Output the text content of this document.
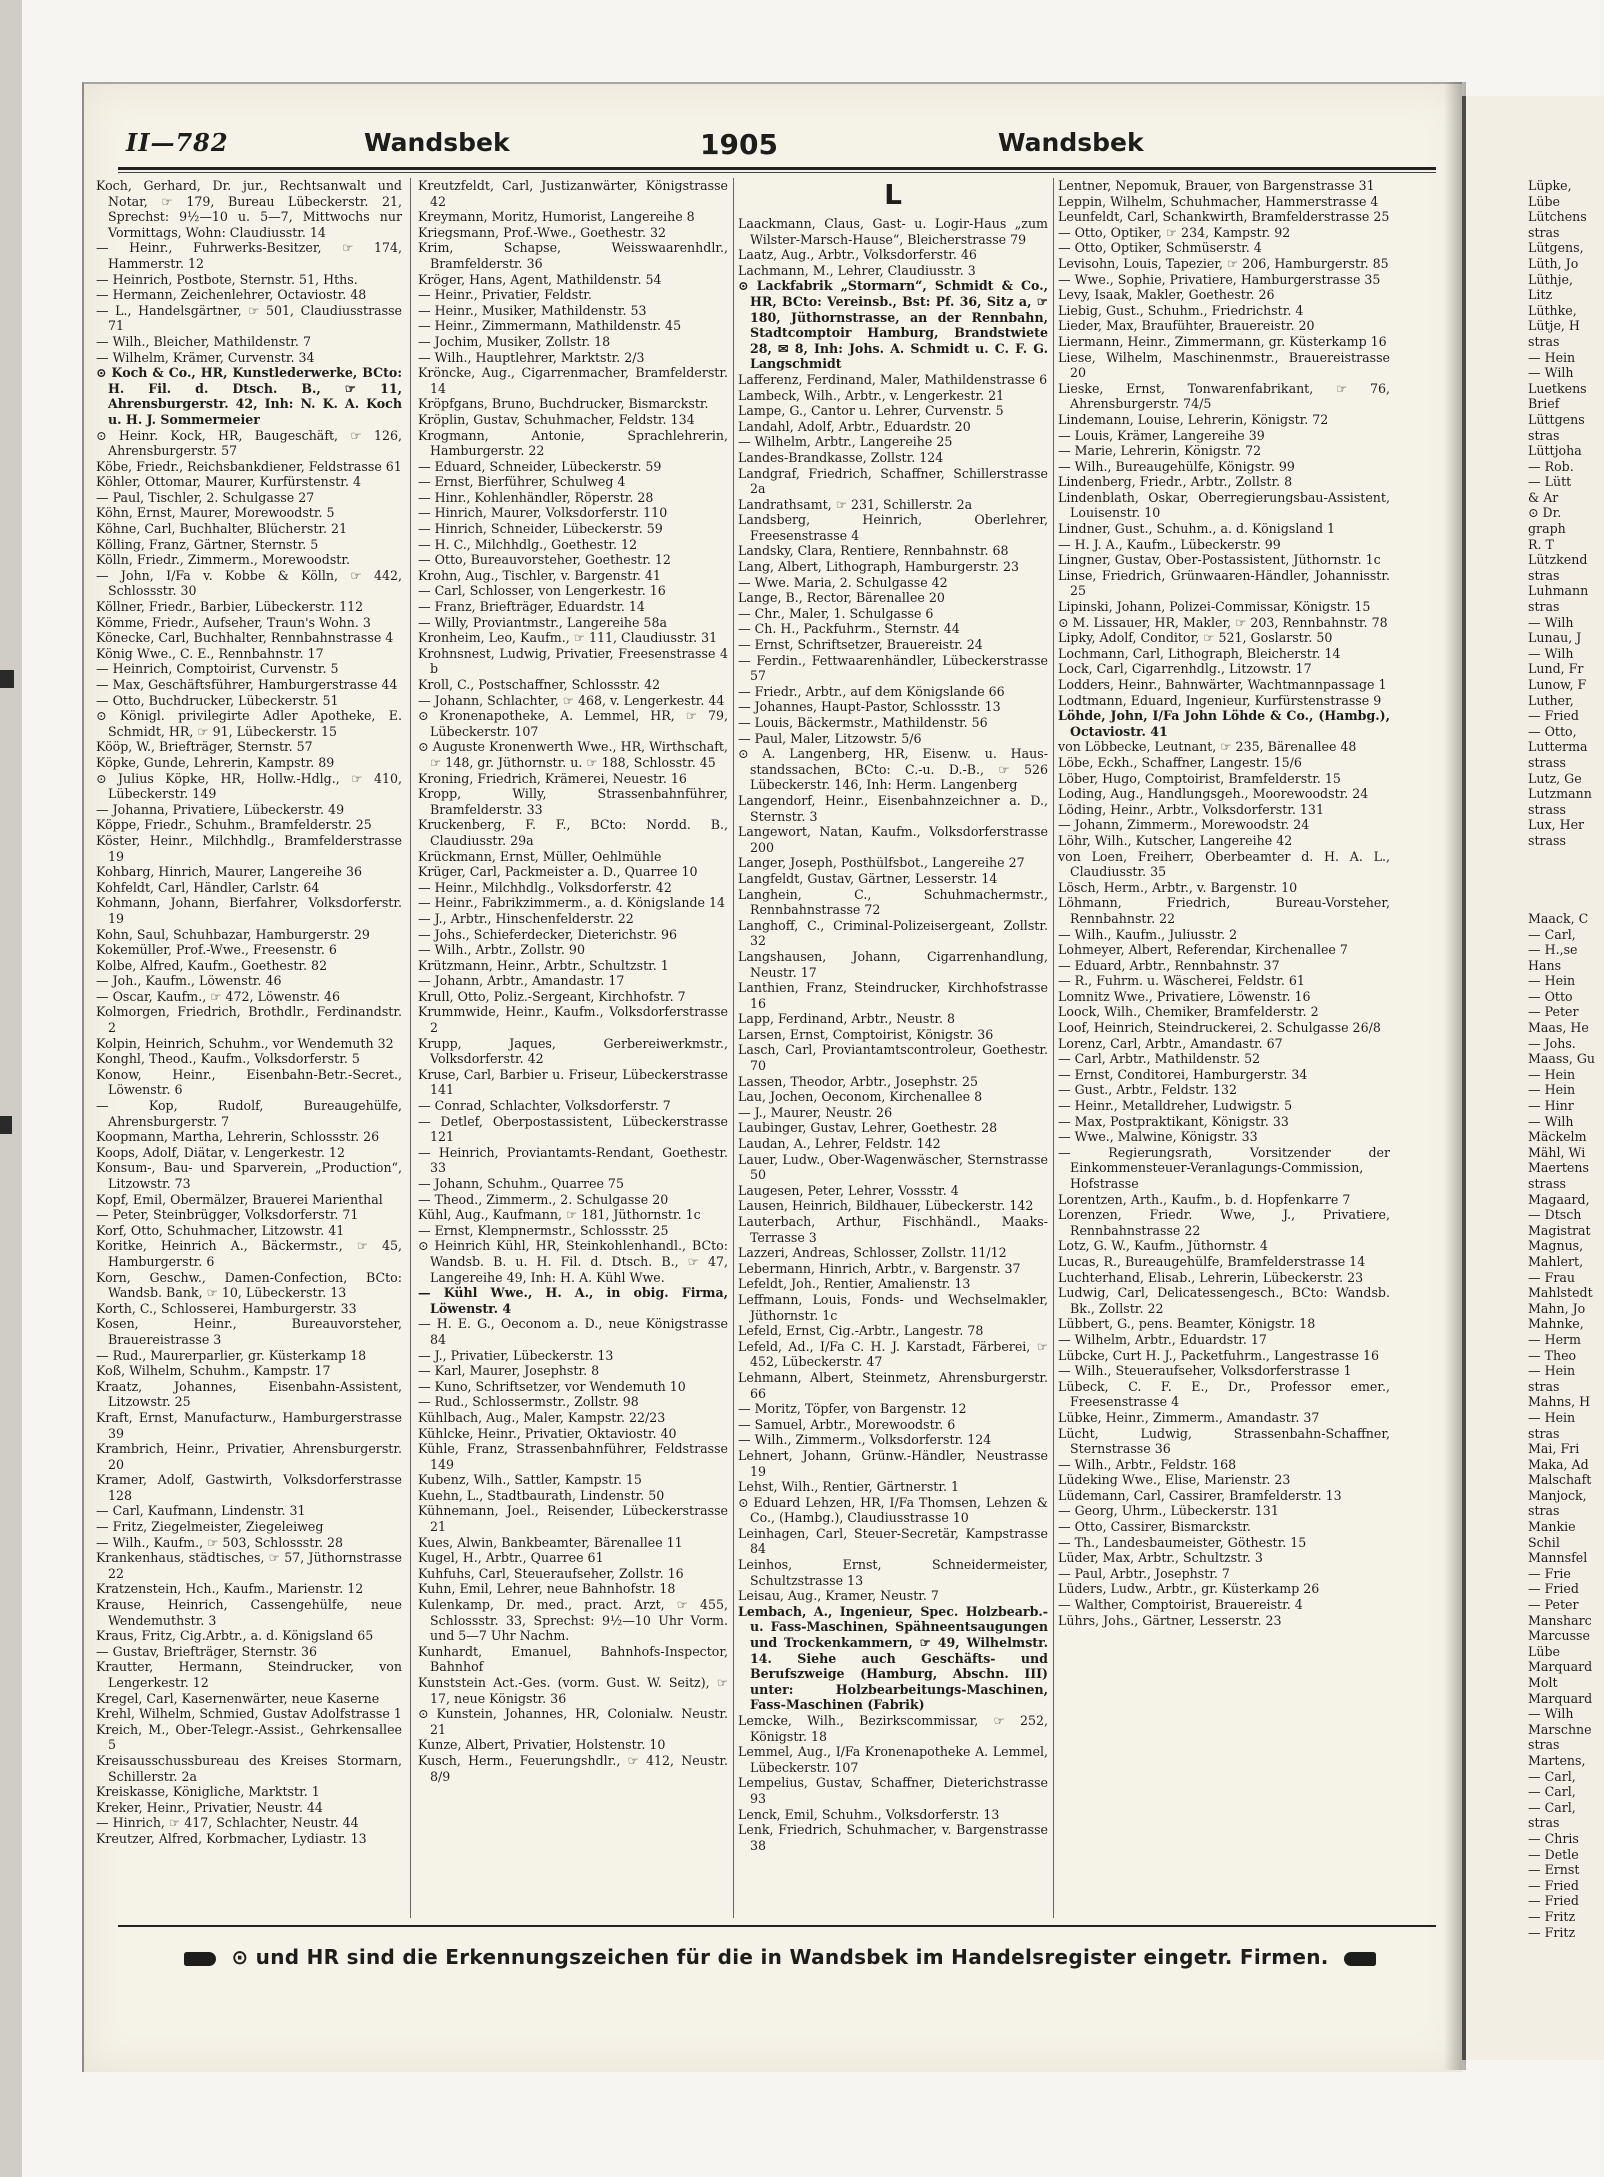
II—782	Wandsbek	1905	Wandsbek

Koch, Gerhard, Dr. jur., Rechtsanwalt und Notar, ☞ 179, Bureau Lübeckerstr. 21, Sprechst: 9½—10 u. 5—7, Mittwochs nur Vormittags, Wohn: Claudiusstr. 14

— Heinr., Fuhrwerks-Besitzer, ☞ 174, Hammerstr. 12

— Heinrich, Postbote, Sternstr. 51, Hths.

— Hermann, Zeichenlehrer, Octaviostr. 48

— L., Handelsgärtner, ☞ 501, Claudiusstrasse 71

— Wilh., Bleicher, Mathildenstr. 7

— Wilhelm, Krämer, Curvenstr. 34

⊙ Koch & Co., HR, Kunstlederwerke, BCto: H. Fil. d. Dtsch. B., ☞ 11, Ahrensburgerstr. 42, Inh: N. K. A. Koch u. H. J. Sommermeier

⊙ Heinr. Kock, HR, Baugeschäft, ☞ 126, Ahrensburgerstr. 57

Köbe, Friedr., Reichsbankdiener, Feldstrasse 61

Köhler, Ottomar, Maurer, Kurfürstenstr. 4

— Paul, Tischler, 2. Schulgasse 27

Köhn, Ernst, Maurer, Morewoodstr. 5

Köhne, Carl, Buchhalter, Blücherstr. 21

Kölling, Franz, Gärtner, Sternstr. 5

Kölln, Friedr., Zimmerm., Morewoodstr.

— John, I/Fa v. Kobbe & Kölln, ☞ 442, Schlossstr. 30

Köllner, Friedr., Barbier, Lübeckerstr. 112

Kömme, Friedr., Aufseher, Traun's Wohn. 3

Könecke, Carl, Buchhalter, Rennbahnstrasse 4

König Wwe., C. E., Rennbahnstr. 17

— Heinrich, Comptoirist, Curvenstr. 5

— Max, Geschäftsführer, Hamburgerstrasse 44

— Otto, Buchdrucker, Lübeckerstr. 51

⊙ Königl. privilegirte Adler Apotheke, E. Schmidt, HR, ☞ 91, Lübeckerstr. 15

Kööp, W., Briefträger, Sternstr. 57

Köpke, Gunde, Lehrerin, Kampstr. 89

⊙ Julius Köpke, HR, Hollw.-Hdlg., ☞ 410, Lübeckerstr. 149

— Johanna, Privatiere, Lübeckerstr. 49

Köppe, Friedr., Schuhm., Bramfelderstr. 25

Köster, Heinr., Milchhdlg., Bramfelderstrasse 19

Kohbarg, Hinrich, Maurer, Langereihe 36

Kohfeldt, Carl, Händler, Carlstr. 64

Kohmann, Johann, Bierfahrer, Volksdorferstr. 19

Kohn, Saul, Schuhbazar, Hamburgerstr. 29

Kokemüller, Prof.-Wwe., Freesenstr. 6

Kolbe, Alfred, Kaufm., Goethestr. 82

— Joh., Kaufm., Löwenstr. 46

— Oscar, Kaufm., ☞ 472, Löwenstr. 46

Kolmorgen, Friedrich, Brothdlr., Ferdinandstr. 2

Kolpin, Heinrich, Schuhm., vor Wendemuth 32

Konghl, Theod., Kaufm., Volksdorferstr. 5

Konow, Heinr., Eisenbahn-Betr.-Secret., Löwenstr. 6

— Kop, Rudolf, Bureaugehülfe, Ahrensburgerstr. 7

Koopmann, Martha, Lehrerin, Schlossstr. 26

Koops, Adolf, Diätar, v. Lengerkestr. 12

Konsum-, Bau- und Sparverein, „Production“, Litzowstr. 73

Kopf, Emil, Obermälzer, Brauerei Marienthal

— Peter, Steinbrügger, Volksdorferstr. 71

Korf, Otto, Schuhmacher, Litzowstr. 41

Koritke, Heinrich A., Bäckermstr., ☞ 45, Hamburgerstr. 6

Korn, Geschw., Damen-Confection, BCto: Wandsb. Bank, ☞ 10, Lübeckerstr. 13

Korth, C., Schlosserei, Hamburgerstr. 33

Kosen, Heinr., Bureauvorsteher, Brauereistrasse 3

— Rud., Maurerparlier, gr. Küsterkamp 18

Koß, Wilhelm, Schuhm., Kampstr. 17

Kraatz, Johannes, Eisenbahn-Assistent, Litzowstr. 25

Kraft, Ernst, Manufacturw., Hamburgerstrasse 39

Krambrich, Heinr., Privatier, Ahrensburgerstr. 20

Kramer, Adolf, Gastwirth, Volksdorferstrasse 128

— Carl, Kaufmann, Lindenstr. 31

— Fritz, Ziegelmeister, Ziegeleiweg

— Wilh., Kaufm., ☞ 503, Schlossstr. 28

Krankenhaus, städtisches, ☞ 57, Jüthornstrasse 22

Kratzenstein, Hch., Kaufm., Marienstr. 12

Krause, Heinrich, Cassengehülfe, neue Wendemuthstr. 3

Kraus, Fritz, Cig.Arbtr., a. d. Königsland 65

— Gustav, Briefträger, Sternstr. 36

Krautter, Hermann, Steindrucker, von Lengerkestr. 12

Kregel, Carl, Kasernenwärter, neue Kaserne

Krehl, Wilhelm, Schmied, Gustav Adolfstrasse 1

Kreich, M., Ober-Telegr.-Assist., Gehrkensallee 5

Kreisausschussbureau des Kreises Stormarn, Schillerstr. 2a

Kreiskasse, Königliche, Marktstr. 1

Kreker, Heinr., Privatier, Neustr. 44

— Hinrich, ☞ 417, Schlachter, Neustr. 44

Kreutzer, Alfred, Korbmacher, Lydiastr. 13

Kreutzfeldt, Carl, Justizanwärter, Königstrasse 42

Kreymann, Moritz, Humorist, Langereihe 8

Kriegsmann, Prof.-Wwe., Goethestr. 32

Krim, Schapse, Weisswaarenhdlr., Bramfelderstr. 36

Kröger, Hans, Agent, Mathildenstr. 54

— Heinr., Privatier, Feldstr.

— Heinr., Musiker, Mathildenstr. 53

— Heinr., Zimmermann, Mathildenstr. 45

— Jochim, Musiker, Zollstr. 18

— Wilh., Hauptlehrer, Marktstr. 2/3

Kröncke, Aug., Cigarrenmacher, Bramfelderstr. 14

Kröpfgans, Bruno, Buchdrucker, Bismarckstr.

Kröplin, Gustav, Schuhmacher, Feldstr. 134

Krogmann, Antonie, Sprachlehrerin, Hamburgerstr. 22

— Eduard, Schneider, Lübeckerstr. 59

— Ernst, Bierführer, Schulweg 4

— Hinr., Kohlenhändler, Röperstr. 28

— Hinrich, Maurer, Volksdorferstr. 110

— Hinrich, Schneider, Lübeckerstr. 59

— H. C., Milchhdlg., Goethestr. 12

— Otto, Bureauvorsteher, Goethestr. 12

Krohn, Aug., Tischler, v. Bargenstr. 41

— Carl, Schlosser, von Lengerkestr. 16

— Franz, Briefträger, Eduardstr. 14

— Willy, Proviantmstr., Langereihe 58a

Kronheim, Leo, Kaufm., ☞ 111, Claudiusstr. 31

Krohnsnest, Ludwig, Privatier, Freesenstrasse 4 b

Kroll, C., Postschaffner, Schlossstr. 42

— Johann, Schlachter, ☞ 468, v. Lengerkestr. 44

⊙ Kronenapotheke, A. Lemmel, HR, ☞ 79, Lübeckerstr. 107

⊙ Auguste Kronenwerth Wwe., HR, Wirthschaft, ☞ 148, gr. Jüthornstr. u. ☞ 188, Schlosstr. 45

Kroning, Friedrich, Krämerei, Neuestr. 16

Kropp, Willy, Strassenbahnführer, Bramfelderstr. 33

Kruckenberg, F. F., BCto: Nordd. B., Claudiusstr. 29a

Krückmann, Ernst, Müller, Oehlmühle

Krüger, Carl, Packmeister a. D., Quarree 10

— Heinr., Milchhdlg., Volksdorferstr. 42

— Heinr., Fabrikzimmerm., a. d. Königslande 14

— J., Arbtr., Hinschenfelderstr. 22

— Johs., Schieferdecker, Dieterichstr. 96

— Wilh., Arbtr., Zollstr. 90

Krützmann, Heinr., Arbtr., Schultzstr. 1

— Johann, Arbtr., Amandastr. 17

Krull, Otto, Poliz.-Sergeant, Kirchhofstr. 7

Krummwide, Heinr., Kaufm., Volksdorferstrasse 2

Krupp, Jaques, Gerbereiwerkmstr., Volksdorferstr. 42

Kruse, Carl, Barbier u. Friseur, Lübeckerstrasse 141

— Conrad, Schlachter, Volksdorferstr. 7

— Detlef, Oberpostassistent, Lübeckerstrasse 121

— Heinrich, Proviantamts-Rendant, Goethestr. 33

— Johann, Schuhm., Quarree 75

— Theod., Zimmerm., 2. Schulgasse 20

Kühl, Aug., Kaufmann, ☞ 181, Jüthornstr. 1c

— Ernst, Klempnermstr., Schlossstr. 25

⊙ Heinrich Kühl, HR, Steinkohlenhandl., BCto: Wandsb. B. u. H. Fil. d. Dtsch. B., ☞ 47, Langereihe 49, Inh: H. A. Kühl Wwe.

— Kühl Wwe., H. A., in obig. Firma, Löwenstr. 4

— H. E. G., Oeconom a. D., neue Königstrasse 84

— J., Privatier, Lübeckerstr. 13

— Karl, Maurer, Josephstr. 8

— Kuno, Schriftsetzer, vor Wendemuth 10

— Rud., Schlossermstr., Zollstr. 98

Kühlbach, Aug., Maler, Kampstr. 22/23

Kühlcke, Heinr., Privatier, Oktaviostr. 40

Kühle, Franz, Strassenbahnführer, Feldstrasse 149

Kubenz, Wilh., Sattler, Kampstr. 15

Kuehn, L., Stadtbaurath, Lindenstr. 50

Kühnemann, Joel., Reisender, Lübeckerstrasse 21

Kues, Alwin, Bankbeamter, Bärenallee 11

Kugel, H., Arbtr., Quarree 61

Kuhfuhs, Carl, Steueraufseher, Zollstr. 16

Kuhn, Emil, Lehrer, neue Bahnhofstr. 18

Kulenkamp, Dr. med., pract. Arzt, ☞ 455, Schlossstr. 33, Sprechst: 9½—10 Uhr Vorm. und 5—7 Uhr Nachm.

Kunhardt, Emanuel, Bahnhofs-Inspector, Bahnhof

Kunststein Act.-Ges. (vorm. Gust. W. Seitz), ☞ 17, neue Königstr. 36

⊙ Kunstein, Johannes, HR, Colonialw. Neustr. 21

Kunze, Albert, Privatier, Holstenstr. 10

Kusch, Herm., Feuerungshdlr., ☞ 412, Neustr. 8/9

L

Laackmann, Claus, Gast- u. Logir-Haus „zum Wilster-Marsch-Hause“, Bleicherstrasse 79

Laatz, Aug., Arbtr., Volksdorferstr. 46

Lachmann, M., Lehrer, Claudiusstr. 3

⊙ Lackfabrik „Stormarn“, Schmidt & Co., HR, BCto: Vereinsb., Bst: Pf. 36, Sitz a, ☞ 180, Jüthornstrasse, an der Rennbahn, Stadtcomptoir Hamburg, Brandstwiete 28, ✉ 8, Inh: Johs. A. Schmidt u. C. F. G. Langschmidt

Lafferenz, Ferdinand, Maler, Mathildenstrasse 6

Lambeck, Wilh., Arbtr., v. Lengerkestr. 21

Lampe, G., Cantor u. Lehrer, Curvenstr. 5

Landahl, Adolf, Arbtr., Eduardstr. 20

— Wilhelm, Arbtr., Langereihe 25

Landes-Brandkasse, Zollstr. 124

Landgraf, Friedrich, Schaffner, Schillerstrasse 2a

Landrathsamt, ☞ 231, Schillerstr. 2a

Landsberg, Heinrich, Oberlehrer, Freesenstrasse 4

Landsky, Clara, Rentiere, Rennbahnstr. 68

Lang, Albert, Lithograph, Hamburgerstr. 23

— Wwe. Maria, 2. Schulgasse 42

Lange, B., Rector, Bärenallee 20

— Chr., Maler, 1. Schulgasse 6

— Ch. H., Packfuhrm., Sternstr. 44

— Ernst, Schriftsetzer, Brauereistr. 24

— Ferdin., Fettwaarenhändler, Lübeckerstrasse 57

— Friedr., Arbtr., auf dem Königslande 66

— Johannes, Haupt-Pastor, Schlossstr. 13

— Louis, Bäckermstr., Mathildenstr. 56

— Paul, Maler, Litzowstr. 5/6

⊙ A. Langenberg, HR, Eisenw. u. Haus-standssachen, BCto: C.-u. D.-B., ☞ 526 Lübeckerstr. 146, Inh: Herm. Langenberg

Langendorf, Heinr., Eisenbahnzeichner a. D., Sternstr. 3

Langewort, Natan, Kaufm., Volksdorferstrasse 200

Langer, Joseph, Posthülfsbot., Langereihe 27

Langfeldt, Gustav, Gärtner, Lesserstr. 14

Langhein, C., Schuhmachermstr., Rennbahnstrasse 72

Langhoff, C., Criminal-Polizeisergeant, Zollstr. 32

Langshausen, Johann, Cigarrenhandlung, Neustr. 17

Lanthien, Franz, Steindrucker, Kirchhofstrasse 16

Lapp, Ferdinand, Arbtr., Neustr. 8

Larsen, Ernst, Comptoirist, Königstr. 36

Lasch, Carl, Proviantamtscontroleur, Goethestr. 70

Lassen, Theodor, Arbtr., Josephstr. 25

Lau, Jochen, Oeconom, Kirchenallee 8

— J., Maurer, Neustr. 26

Laubinger, Gustav, Lehrer, Goethestr. 28

Laudan, A., Lehrer, Feldstr. 142

Lauer, Ludw., Ober-Wagenwäscher, Sternstrasse 50

Laugesen, Peter, Lehrer, Vossstr. 4

Lausen, Heinrich, Bildhauer, Lübeckerstr. 142

Lauterbach, Arthur, Fischhändl., Maaks-Terrasse 3

Lazzeri, Andreas, Schlosser, Zollstr. 11/12

Lebermann, Hinrich, Arbtr., v. Bargenstr. 37

Lefeldt, Joh., Rentier, Amalienstr. 13

Leffmann, Louis, Fonds- und Wechselmakler, Jüthornstr. 1c

Lefeld, Ernst, Cig.-Arbtr., Langestr. 78

Lefeld, Ad., I/Fa C. H. J. Karstadt, Färberei, ☞ 452, Lübeckerstr. 47

Lehmann, Albert, Steinmetz, Ahrensburgerstr. 66

— Moritz, Töpfer, von Bargenstr. 12

— Samuel, Arbtr., Morewoodstr. 6

— Wilh., Zimmerm., Volksdorferstr. 124

Lehnert, Johann, Grünw.-Händler, Neustrasse 19

Lehst, Wilh., Rentier, Gärtnerstr. 1

⊙ Eduard Lehzen, HR, I/Fa Thomsen, Lehzen & Co., (Hambg.), Claudiusstrasse 10

Leinhagen, Carl, Steuer-Secretär, Kampstrasse 84

Leinhos, Ernst, Schneidermeister, Schultzstrasse 13

Leisau, Aug., Kramer, Neustr. 7

Lembach, A., Ingenieur, Spec. Holzbearb.- u. Fass-Maschinen, Spähneentsaugungen und Trockenkammern, ☞ 49, Wilhelmstr. 14. Siehe auch Geschäfts- und Berufszweige (Hamburg, Abschn. III) unter: Holzbearbeitungs-Maschinen, Fass-Maschinen (Fabrik)

Lemcke, Wilh., Bezirkscommissar, ☞ 252, Königstr. 18

Lemmel, Aug., I/Fa Kronenapotheke A. Lemmel, Lübeckerstr. 107

Lempelius, Gustav, Schaffner, Dieterichstrasse 93

Lenck, Emil, Schuhm., Volksdorferstr. 13

Lenk, Friedrich, Schuhmacher, v. Bargenstrasse 38

Lentner, Nepomuk, Brauer, von Bargenstrasse 31

Leppin, Wilhelm, Schuhmacher, Hammerstrasse 4

Leunfeldt, Carl, Schankwirth, Bramfelderstrasse 25

— Otto, Optiker, ☞ 234, Kampstr. 92

— Otto, Optiker, Schmüserstr. 4

Levisohn, Louis, Tapezier, ☞ 206, Hamburgerstr. 85

— Wwe., Sophie, Privatiere, Hamburgerstrasse 35

Levy, Isaak, Makler, Goethestr. 26

Liebig, Gust., Schuhm., Friedrichstr. 4

Lieder, Max, Braufühter, Brauereistr. 20

Liermann, Heinr., Zimmermann, gr. Küsterkamp 16

Liese, Wilhelm, Maschinenmstr., Brauereistrasse 20

Lieske, Ernst, Tonwarenfabrikant, ☞ 76, Ahrensburgerstr. 74/5

Lindemann, Louise, Lehrerin, Königstr. 72

— Louis, Krämer, Langereihe 39

— Marie, Lehrerin, Königstr. 72

— Wilh., Bureaugehülfe, Königstr. 99

Lindenberg, Friedr., Arbtr., Zollstr. 8

Lindenblath, Oskar, Oberregierungsbau-Assistent, Louisenstr. 10

Lindner, Gust., Schuhm., a. d. Königsland 1

— H. J. A., Kaufm., Lübeckerstr. 99

Lingner, Gustav, Ober-Postassistent, Jüthornstr. 1c

Linse, Friedrich, Grünwaaren-Händler, Johannisstr. 25

Lipinski, Johann, Polizei-Commissar, Königstr. 15

⊙ M. Lissauer, HR, Makler, ☞ 203, Rennbahnstr. 78

Lipky, Adolf, Conditor, ☞ 521, Goslarstr. 50

Lochmann, Carl, Lithograph, Bleicherstr. 14

Lock, Carl, Cigarrenhdlg., Litzowstr. 17

Lodders, Heinr., Bahnwärter, Wachtmannpassage 1

Lodtmann, Eduard, Ingenieur, Kurfürstenstrasse 9

Löhde, John, I/Fa John Löhde & Co., (Hambg.), Octaviostr. 41

von Löbbecke, Leutnant, ☞ 235, Bärenallee 48

Löbe, Eckh., Schaffner, Langestr. 15/6

Löber, Hugo, Comptoirist, Bramfelderstr. 15

Loding, Aug., Handlungsgeh., Moorewoodstr. 24

Löding, Heinr., Arbtr., Volksdorferstr. 131

— Johann, Zimmerm., Morewoodstr. 24

Löhr, Wilh., Kutscher, Langereihe 42

von Loen, Freiherr, Oberbeamter d. H. A. L., Claudiusstr. 35

Lösch, Herm., Arbtr., v. Bargenstr. 10

Löhmann, Friedrich, Bureau-Vorsteher, Rennbahnstr. 22

— Wilh., Kaufm., Juliusstr. 2

Lohmeyer, Albert, Referendar, Kirchenallee 7

— Eduard, Arbtr., Rennbahnstr. 37

— R., Fuhrm. u. Wäscherei, Feldstr. 61

Lomnitz Wwe., Privatiere, Löwenstr. 16

Loock, Wilh., Chemiker, Bramfelderstr. 2

Loof, Heinrich, Steindruckerei, 2. Schulgasse 26/8

Lorenz, Carl, Arbtr., Amandastr. 67

— Carl, Arbtr., Mathildenstr. 52

— Ernst, Conditorei, Hamburgerstr. 34

— Gust., Arbtr., Feldstr. 132

— Heinr., Metalldreher, Ludwigstr. 5

— Max, Postpraktikant, Königstr. 33

— Wwe., Malwine, Königstr. 33

— Regierungsrath, Vorsitzender der Einkommensteuer-Veranlagungs-Commission, Hofstrasse

Lorentzen, Arth., Kaufm., b. d. Hopfenkarre 7

Lorenzen, Friedr. Wwe, J., Privatiere, Rennbahnstrasse 22

Lotz, G. W., Kaufm., Jüthornstr. 4

Lucas, R., Bureaugehülfe, Bramfelderstrasse 14

Luchterhand, Elisab., Lehrerin, Lübeckerstr. 23

Ludwig, Carl, Delicatessengesch., BCto: Wandsb. Bk., Zollstr. 22

Lübbert, G., pens. Beamter, Königstr. 18

— Wilhelm, Arbtr., Eduardstr. 17

Lübcke, Curt H. J., Packetfuhrm., Langestrasse 16

— Wilh., Steueraufseher, Volksdorferstrasse 1

Lübeck, C. F. E., Dr., Professor emer., Freesenstrasse 4

Lübke, Heinr., Zimmerm., Amandastr. 37

Lücht, Ludwig, Strassenbahn-Schaffner, Sternstrasse 36

— Wilh., Arbtr., Feldstr. 168

Lüdeking Wwe., Elise, Marienstr. 23

Lüdemann, Carl, Cassirer, Bramfelderstr. 13

— Georg, Uhrm., Lübeckerstr. 131

— Otto, Cassirer, Bismarckstr.

— Th., Landesbaumeister, Göthestr. 15

Lüder, Max, Arbtr., Schultzstr. 3

— Paul, Arbtr., Josephstr. 7

Lüders, Ludw., Arbtr., gr. Küsterkamp 26

— Walther, Comptoirist, Brauereistr. 4

Lührs, Johs., Gärtner, Lesserstr. 23

Lüpke,
Lübe
Lütchens
stras
Lütgens,
Lüth, Jo
Lüthje,
Litz
Lüthke,
Lütje, H
stras
— Hein
— Wilh
Luetkens
Brief
Lüttgens
stras
Lüttjoha
— Rob.
— Lütt
& Ar
⊙ Dr.
graph
R. T
Lützkend
stras
Luhmann
stras
— Wilh
Lunau, J
— Wilh
Lund, Fr
Lunow, F
Luther,
— Fried
— Otto,
Lutterma
strass
Lutz, Ge
Lutzmann
strass
Lux, Her
strass
Maack, C
— Carl,
— H.,se
Hans
— Hein
— Otto
— Peter
Maas, He
— Johs.
Maass, Gu
— Hein
— Hein
— Hinr
— Wilh
Mäckelm
Mähl, Wi
Maertens
strass
Magaard,
— Dtsch
Magistrat
Magnus,
Mahlert,
— Frau
Mahlstedt
Mahn, Jo
Mahnke,
— Herm
— Theo
— Hein
stras
Mahns, H
— Hein
stras
Mai, Fri
Maka, Ad
Malschaft
Manjock,
stras
Mankie
Schil
Mannsfel
— Frie
— Fried
— Peter
Mansharc
Marcusse
Lübe
Marquard
Molt
Marquard
— Wilh
Marschne
stras
Martens,
— Carl,
— Carl,
— Carl,
stras
— Chris
— Detle
— Ernst
— Fried
— Fried
— Fritz
— Fritz
⊙ und HR sind die Erkennungszeichen für die in Wandsbek im Handelsregister eingetr. Firmen.
